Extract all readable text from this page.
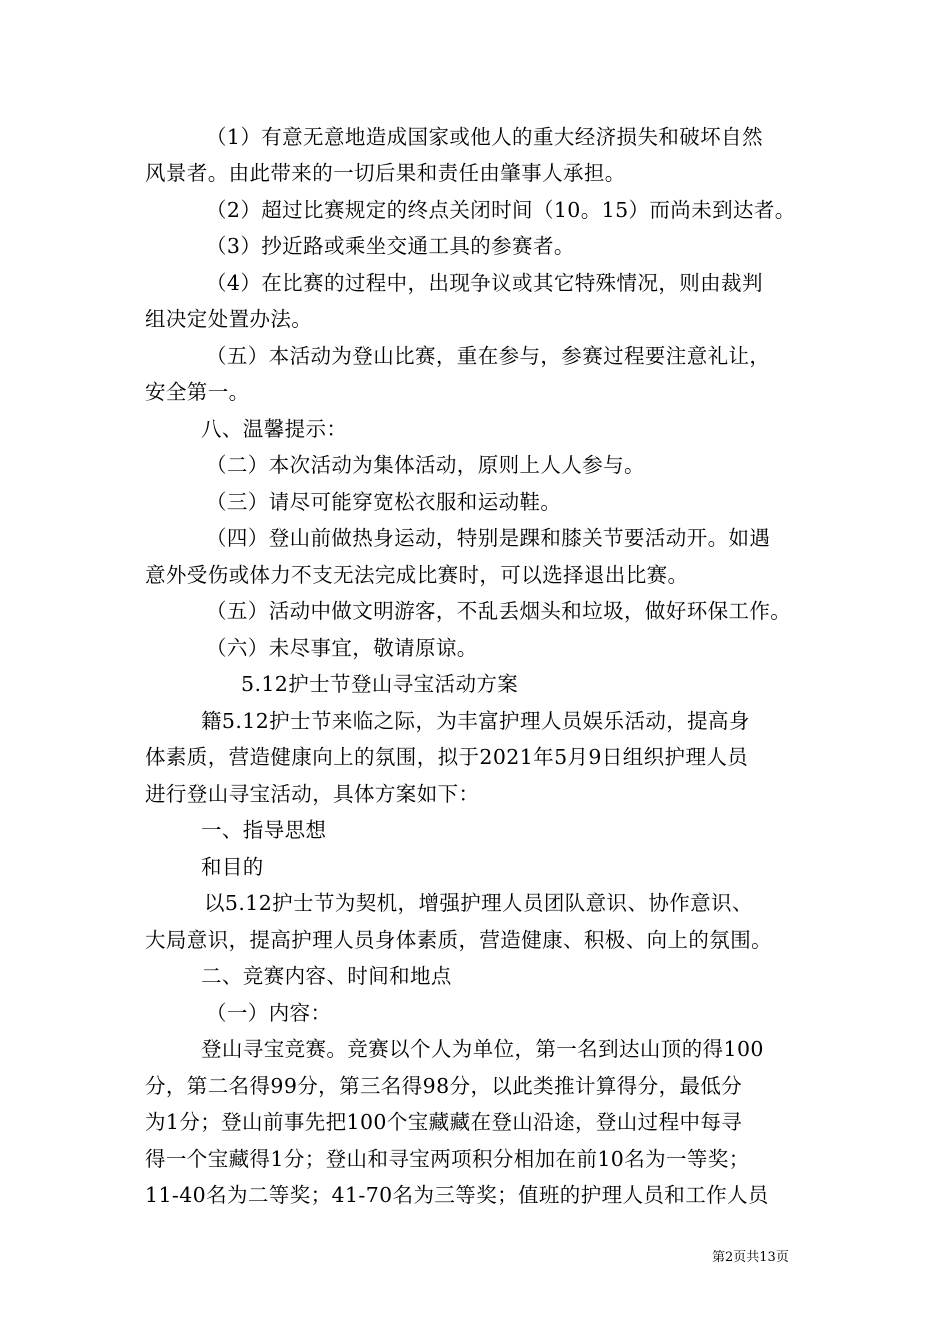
（1）有意无意地造成国家或他人的重大经济损失和破坏自然
风景者。由此带来的一切后果和责任由肇事人承担。
（2）超过比赛规定的终点关闭时间（10。15）而尚未到达者。
（3）抄近路或乘坐交通工具的参赛者。
（4）在比赛的过程中，出现争议或其它特殊情况，则由裁判
组决定处置办法。
（五）本活动为登山比赛，重在参与，参赛过程要注意礼让，
安全第一。
八、温馨提示：
（二）本次活动为集体活动，原则上人人参与。
（三）请尽可能穿宽松衣服和运动鞋。
（四）登山前做热身运动，特别是踝和膝关节要活动开。如遇
意外受伤或体力不支无法完成比赛时，可以选择退出比赛。
（五）活动中做文明游客，不乱丢烟头和垃圾，做好环保工作。
（六）未尽事宜，敬请原谅。
5.12护士节登山寻宝活动方案
籍5.12护士节来临之际，为丰富护理人员娱乐活动，提高身
体素质，营造健康向上的氛围，拟于2021年5月9日组织护理人员
进行登山寻宝活动，具体方案如下：
一、指导思想
和目的
以5.12护士节为契机，增强护理人员团队意识、协作意识、
大局意识，提高护理人员身体素质，营造健康、积极、向上的氛围。
二、竞赛内容、时间和地点
（一）内容：
登山寻宝竞赛。竞赛以个人为单位，第一名到达山顶的得100
分，第二名得99分，第三名得98分，以此类推计算得分，最低分
为1分；登山前事先把100个宝藏藏在登山沿途，登山过程中每寻
得一个宝藏得1分；登山和寻宝两项积分相加在前10名为一等奖；
11-40名为二等奖；41-70名为三等奖；值班的护理人员和工作人员
第2页共13页
